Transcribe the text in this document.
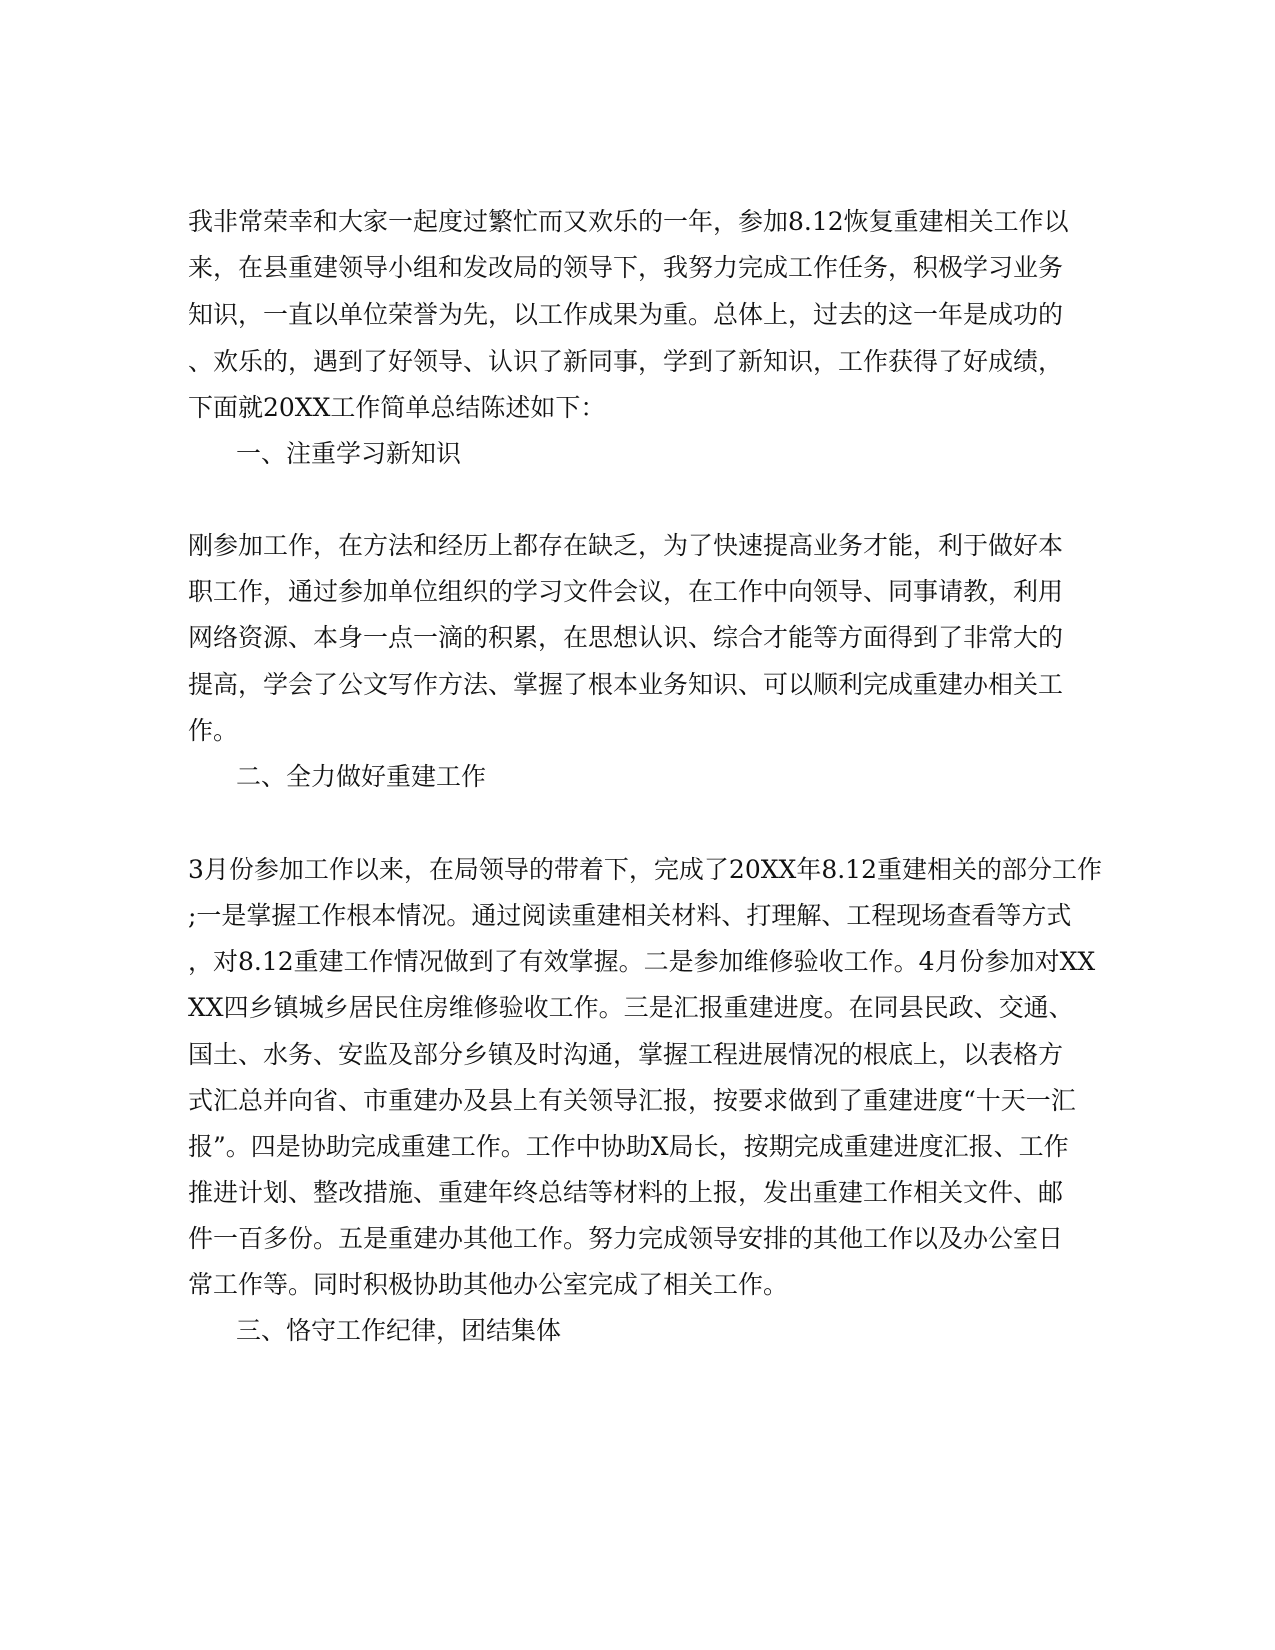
我非常荣幸和大家一起度过繁忙而又欢乐的一年，参加8.12恢复重建相关工作以

来，在县重建领导小组和发改局的领导下，我努力完成工作任务，积极学习业务

知识，一直以单位荣誉为先，以工作成果为重。总体上，过去的这一年是成功的

、欢乐的，遇到了好领导、认识了新同事，学到了新知识，工作获得了好成绩，

下面就20XX工作简单总结陈述如下：

一、注重学习新知识

刚参加工作，在方法和经历上都存在缺乏，为了快速提高业务才能，利于做好本

职工作，通过参加单位组织的学习文件会议，在工作中向领导、同事请教，利用

网络资源、本身一点一滴的积累，在思想认识、综合才能等方面得到了非常大的

提高，学会了公文写作方法、掌握了根本业务知识、可以顺利完成重建办相关工

作。

二、全力做好重建工作

3月份参加工作以来，在局领导的带着下，完成了20XX年8.12重建相关的部分工作

;一是掌握工作根本情况。通过阅读重建相关材料、打理解、工程现场查看等方式

，对8.12重建工作情况做到了有效掌握。二是参加维修验收工作。4月份参加对XX

XX四乡镇城乡居民住房维修验收工作。三是汇报重建进度。在同县民政、交通、

国土、水务、安监及部分乡镇及时沟通，掌握工程进展情况的根底上，以表格方

式汇总并向省、市重建办及县上有关领导汇报，按要求做到了重建进度“十天一汇

报”。四是协助完成重建工作。工作中协助X局长，按期完成重建进度汇报、工作

推进计划、整改措施、重建年终总结等材料的上报，发出重建工作相关文件、邮

件一百多份。五是重建办其他工作。努力完成领导安排的其他工作以及办公室日

常工作等。同时积极协助其他办公室完成了相关工作。

三、恪守工作纪律，团结集体
